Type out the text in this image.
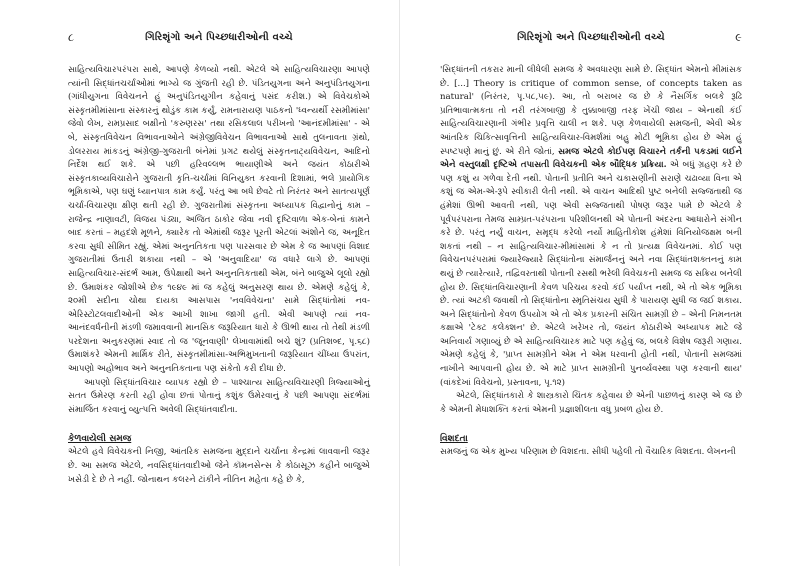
૮	ગિરિશૃંગો અને પિચ્છધારીઓની વચ્ચે

સાહિત્યવિચારપરંપરા સાથે, આપણે કેળવ્યો નથી. એટલે એ સાહિત્યવિચારણા આપણે ત્યાંની સિદ્ધાંતચર્ચાઓમાં ભાગ્યે જ ગુંજતી રહી છે. પંડિતયુગના અને અનુપંડિતયુગના (ગાંધીયુગના વિવેચનને હું અનુપંડિતયુગીન કહેવાનું પસંદ કરીશ.) એ વિવેચકોએ સંસ્કૃતમીમાંસાના સંસ્કારનું થોડુંક કામ કર્યું, રામનારાયણ પાઠકનો 'ધ્વન્યર્થી રસમીમાંસા' જેવો લેખ, રામપ્રસાદ બક્ષીનો 'કરુણરસ' તથા રસિકલાલ પરીખનો 'આનંદમીમાંસા' - એ બે, સંસ્કૃતવિવેચન વિભાવનાઓને અંગ્રેજીવિવેચન વિભાવનાઓ સાથે તુલનાવતા ગ્રંથો, ડોલરરાય માંકડનું અંગ્રેજી-ગુજરાતી બંનેમાં પ્રગટ થયેલું સંસ્કૃતનાટ્યવિવેચન, આદિનો નિર્દેશ થઈ શકે. એ પછી હરિવલ્લભ ભાયાણીએ અને જયંત કોઠારીએ સંસ્કૃતકાવ્યવિચારોને ગુજરાતી કૃતિ-ચર્ચામાં વિનિયુક્ત કરવાની દિશામાં, ભલે પ્રાયોગિક ભૂમિકાએ, પણ ઘણું ધ્યાનપાત્ર કામ કર્યું. પરંતુ આ બધે છેવટે તો નિરંતર અને સાતત્યપૂર્ણ ચર્ચા-વિચારણા ક્ષીણ થતી રહી છે. ગુજરાતીમાં સંસ્કૃતના અધ્યાપક વિદ્વાનોનું કામ – રાજેન્દ્ર નાણાવટી, વિજય પંડ્યા, અજિત ઠાકોર જેવા નવી દૃષ્ટિવાળા એક-બેનાં કામને બાદ કરતાં – મહદંશે મૂળને, ક્યારેક તો એમાંથી જરૂર પૂરતી એટલાં અંશોને જ, અનૂદિત કરવા સુધી સીમિત રહ્યું. એમાં અનુનતિકતા પણ પારસવાર છે એમ કે જ આપણાં વિશાદ ગુજરાતીમાં ઉતારી શકાયા નથી – એ 'અનુવાદિયા' જ વધારે લાગે છે. આપણાં સાહિત્યવિચાર-સંદર્ભ આમ, ઉપેક્ષાથી અને અનુનતિકતાથી એમ, બંને બાજુએ લૂલો રહ્યો છે. ઉમાશંકર જોશીએ છેક ૧૯૪૯ માં જ કહેલું અનુસરણ થાય છે. એમણે કહેલું કે, ૨૦મી સદીના ચોથા દાયકા આસપાસ 'નવવિવેચના' સામે સિદ્ધાંતોમાં નવ-એરિસ્ટોટલવાદીઓની એક આખી શાખા જાગી હતી. એવી આપણે ત્યાં નવ-આનંદવર્ધનીની મંડળી જમાવવાની માનસિક જરૂરિયાત ધારો કે ઊભી થાય તો તેથી મંડળી પરદેશના અનુકરણમાં સ્વાદ તો જ 'જૂનવાણી' લેખાવામાંથી બચે શું? (પ્રતિશબ્દ, પૃ.૬૮) ઉમાશંકરે એમની માર્મિક રીતે, સંસ્કૃતમીમાંસા-અભિમુખતાની જરૂરિયાત ચીંધ્યા ઉપરાંત, આપણો અહોભાવ અને અનુનતિકતાના પણ સંકેતો કરી દીધા છે.

આપણો સિદ્ધાંતવિચાર વ્યાપક રહ્યો છે – પાશ્ચાત્ય સાહિત્યવિચારણી ત્રિજ્યાઓનું સતત ઉમેરણ કરતી રહી હોવા છતાં પોતાનું કશુંક ઉમેરવાનું કે પછી આપણા સંદર્ભમાં સંમાર્જિત કરવાનું વ્યુત્પત્તિ અવેલી સિદ્ધાંતવાદીતા.

કેળવાયેલી સમજ

એટલે હવે વિવેચકની નિજી, આંતરિક સમજના મુદ્દાને ચર્ચાના કેન્દ્રમાં લાવવાની જરૂર છે. આ સમજ એટલે, નવસિદ્ધાંતવાદીઓ જેને કૉમનસેન્સ કે કોઠાસૂઝ કહીને બાજુએ ખસેડી દે છે તે નહીં. જોનાથન કલરને ટાંકીને નીતિન મહેતા કહે છે કે,

ગિરિશૃંગો અને પિચ્છધારીઓની વચ્ચે	૯

'સિદ્ધાંતની તકરાર માની લીધેલી સમજ કે અવધારણા સામે છે. સિદ્ધાંત એમનો મીમાંસક છે. [...] Theory is critique of common sense, of concepts taken as natural' (નિરંતર, પૃ.૫૮,૫૯). આ, તો બરાબર જ છે કે નૈસર્ગિક બલકે રૂઢિ પ્રતિભાવાત્મકતા તો નરી તરંગબાજી કે તુક્કાબાજી તરફ ખેંચી જાય – એનાથી કંઈ સાહિત્યવિચારણાની ગંભીર પ્રવૃત્તિ ચાલી ન શકે. પણ કેળવાયેલી સમજની, એવી એક આંતરિક ચિકિત્સાવૃત્તિની સાહિત્યવિચાર-વિમર્શમાં બહુ મોટી ભૂમિકા હોય છે એમ હું સ્પષ્ટપણે માનું છું. એ રીતે જોતાં, સમજ એટલે કોઈપણ વિચારને તર્કની પકડમાં લઈને એને વસ્તુલક્ષી દૃષ્ટિએ તપાસતી વિવેચકની એક બૌદ્ધિક પ્રક્રિયા. એ બધું ગ્રહણ કરે છે પણ કશું ય ગળેવા દેતી નથી. પોતાની પ્રતીતિ અને ચકાસણીની સરાણે ચઢાવ્યા વિના એ કશું જ એમ-એ-રૂપે સ્વીકારી લેતી નથી. એ વાચન આદિથી પુષ્ટ બનેલી સજ્જતાથી જ હંમેશાં ઊભી આવતી નથી, પણ એવી સજ્જતાથી પોષણ જરૂર પામે છે એટલે કે પૂર્વપરંપરાના તેમજ સામ્પ્રત-પરંપરાના પરિશીલનથી એ પોતાની અંદરના આધારોને સંગીન કરે છે. પરંતુ નર્યું વાચન, સમૃદ્ધ કરેલો નર્યો માહિતીકોશ હંમેશાં વિનિયોજક્ષમ બની શકતાં નથી – ન સાહિત્યવિચાર-મીમાંસામાં કે ન તો પ્રત્યક્ષ વિવેચનમાં. કોઈ પણ વિવેચનપરંપરામાં જ્યારેજ્યારે સિદ્ધાંતોના સંમાર્જનનું અને નવા સિદ્ધાંતશક્તનનું કામ થયું છે ત્યારેત્યારે, તદ્વિવરતાથી પોતાની રસથી ભરેલી વિવેચકની સમજ જ સક્રિય બનેલી હોય છે. સિદ્ધાંતવિચારણાની કેવળ પરિચય કરવો કંઈ પર્યાપ્ત નથી, એ તો એક ભૂમિકા છે. ત્યાં અટકી જવાથી તો સિદ્ધાંતોના સ્મૃતિસંચય સુધી કે પારાયણ સુધી જ જઈ શકાય. અને સિદ્ધાંતોનો કેવળ ઉપયોગ એ તો એક પ્રકારની સંચિત સામગ્રી છે – એની નિમનતમ કક્ષાએ 'ટેક્ટ કલેક્શન' છે. એટલે ખરેખર તો, જયંત કોઠારીએ અધ્યાપક માટે જે અનિવાર્ય ગણાવ્યું છે એ સાહિત્યવિચારક માટે પણ કહેવું જ, બલકે વિશેષ જરૂરી ગણાય. એમણે કહેલું કે, 'પ્રાપ્ત સામગ્રીને એમ ને એમ ધરવાની હોતી નથી, પોતાની સમજમાં નાખીને આપવાની હોય છે. એ માટે પ્રાપ્ત સામગ્રીની પુનર્વ્યવસ્થા પણ કરવાની થાય' (વાંકદેખાં વિવેચનો, પ્રસ્તાવના, પૃ.૧૨)

એટલે, સિદ્ધાંતકારો કે શાસ્ત્રકારો ચિંતક કહેવાય છે એની પાછળનું કારણ એ જ છે કે એમની મેધાશક્તિ કરતાં એમની પ્રજ્ઞાશીલતા વધુ પ્રબળ હોય છે.

વિશદતા

સમજનું જ એક મુખ્ય પરિણામ છે વિશદતા. સીધી પહેલી તો વૈચારિક વિશદતા. લેખનની
